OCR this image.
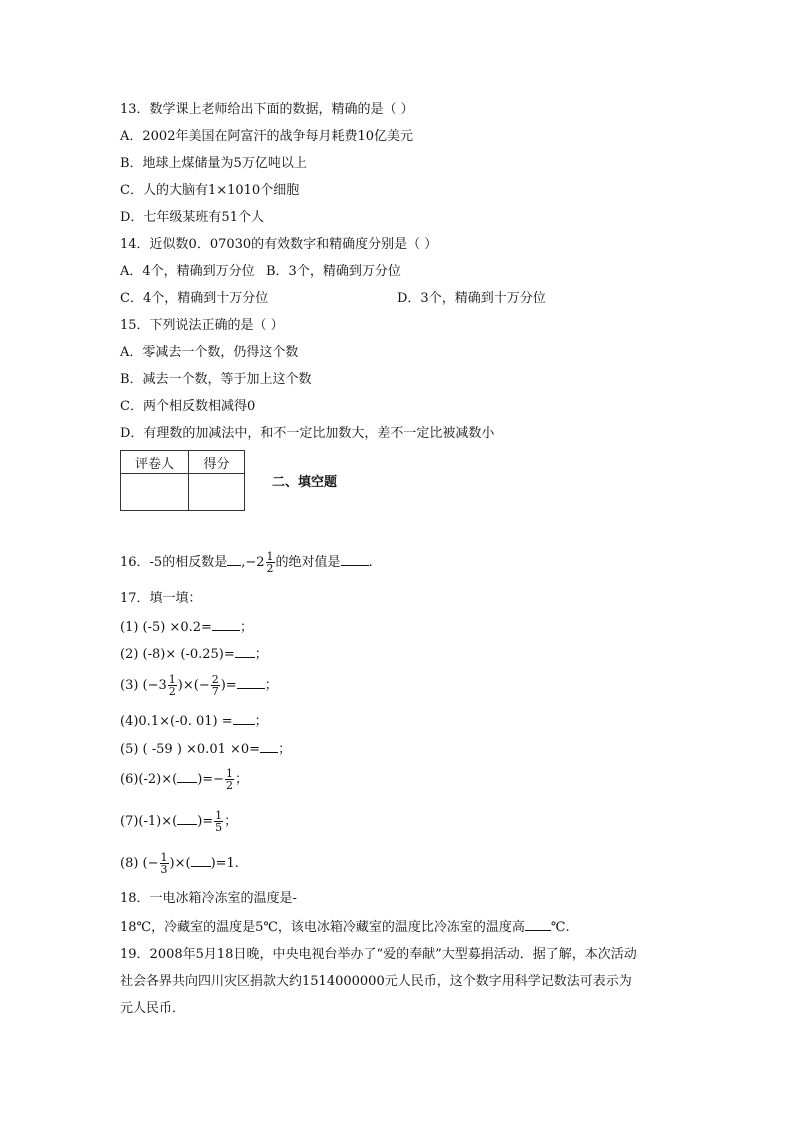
13．数学课上老师给出下面的数据，精确的是（ ）
A．2002年美国在阿富汗的战争每月耗费10亿美元
B．地球上煤储量为5万亿吨以上
C．人的大脑有1×1010个细胞
D．七年级某班有51个人
14．近似数0．07030的有效数字和精确度分别是（ ）
A．4个，精确到万分位 B．3个，精确到万分位
C．4个，精确到十万分位	D．3个，精确到十万分位
15．下列说法正确的是（ ）
A．零减去一个数，仍得这个数
B．减去一个数，等于加上这个数
C．两个相反数相减得0
D．有理数的加减法中，和不一定比加数大，差不一定比被减数小
评卷人	得分

二、填空题
16．-5的相反数是 $,-2 \frac{1}{2}$ 的绝对值是 .
17．填一填：
(1) (-5) ×0.2= ；
(2) (-8)× (-0.25)= ；
(3) ($-3 \frac{1}{2}$ )×(− $\frac{2}{7}$ )= ；
(4)0.1×(-0. 01) = ；
(5) ( -59 ) ×0.01 ×0= ；
(6)(-2)×( )=− $\frac{1}{2}$ ；
(7)(-1)×( )= $\frac{1}{5}$ ；
(8) (− $\frac{1}{3}$ )×( )=1.
18．一电冰箱冷冻室的温度是-
18℃，冷藏室的温度是5℃，该电冰箱冷藏室的温度比冷冻室的温度高 ℃.
19．2008年5月18日晚，中央电视台举办了“爱的奉献”大型募捐活动．据了解，本次活动
社会各界共向四川灾区捐款大约1514000000元人民币，这个数字用科学记数法可表示为
元人民币．
